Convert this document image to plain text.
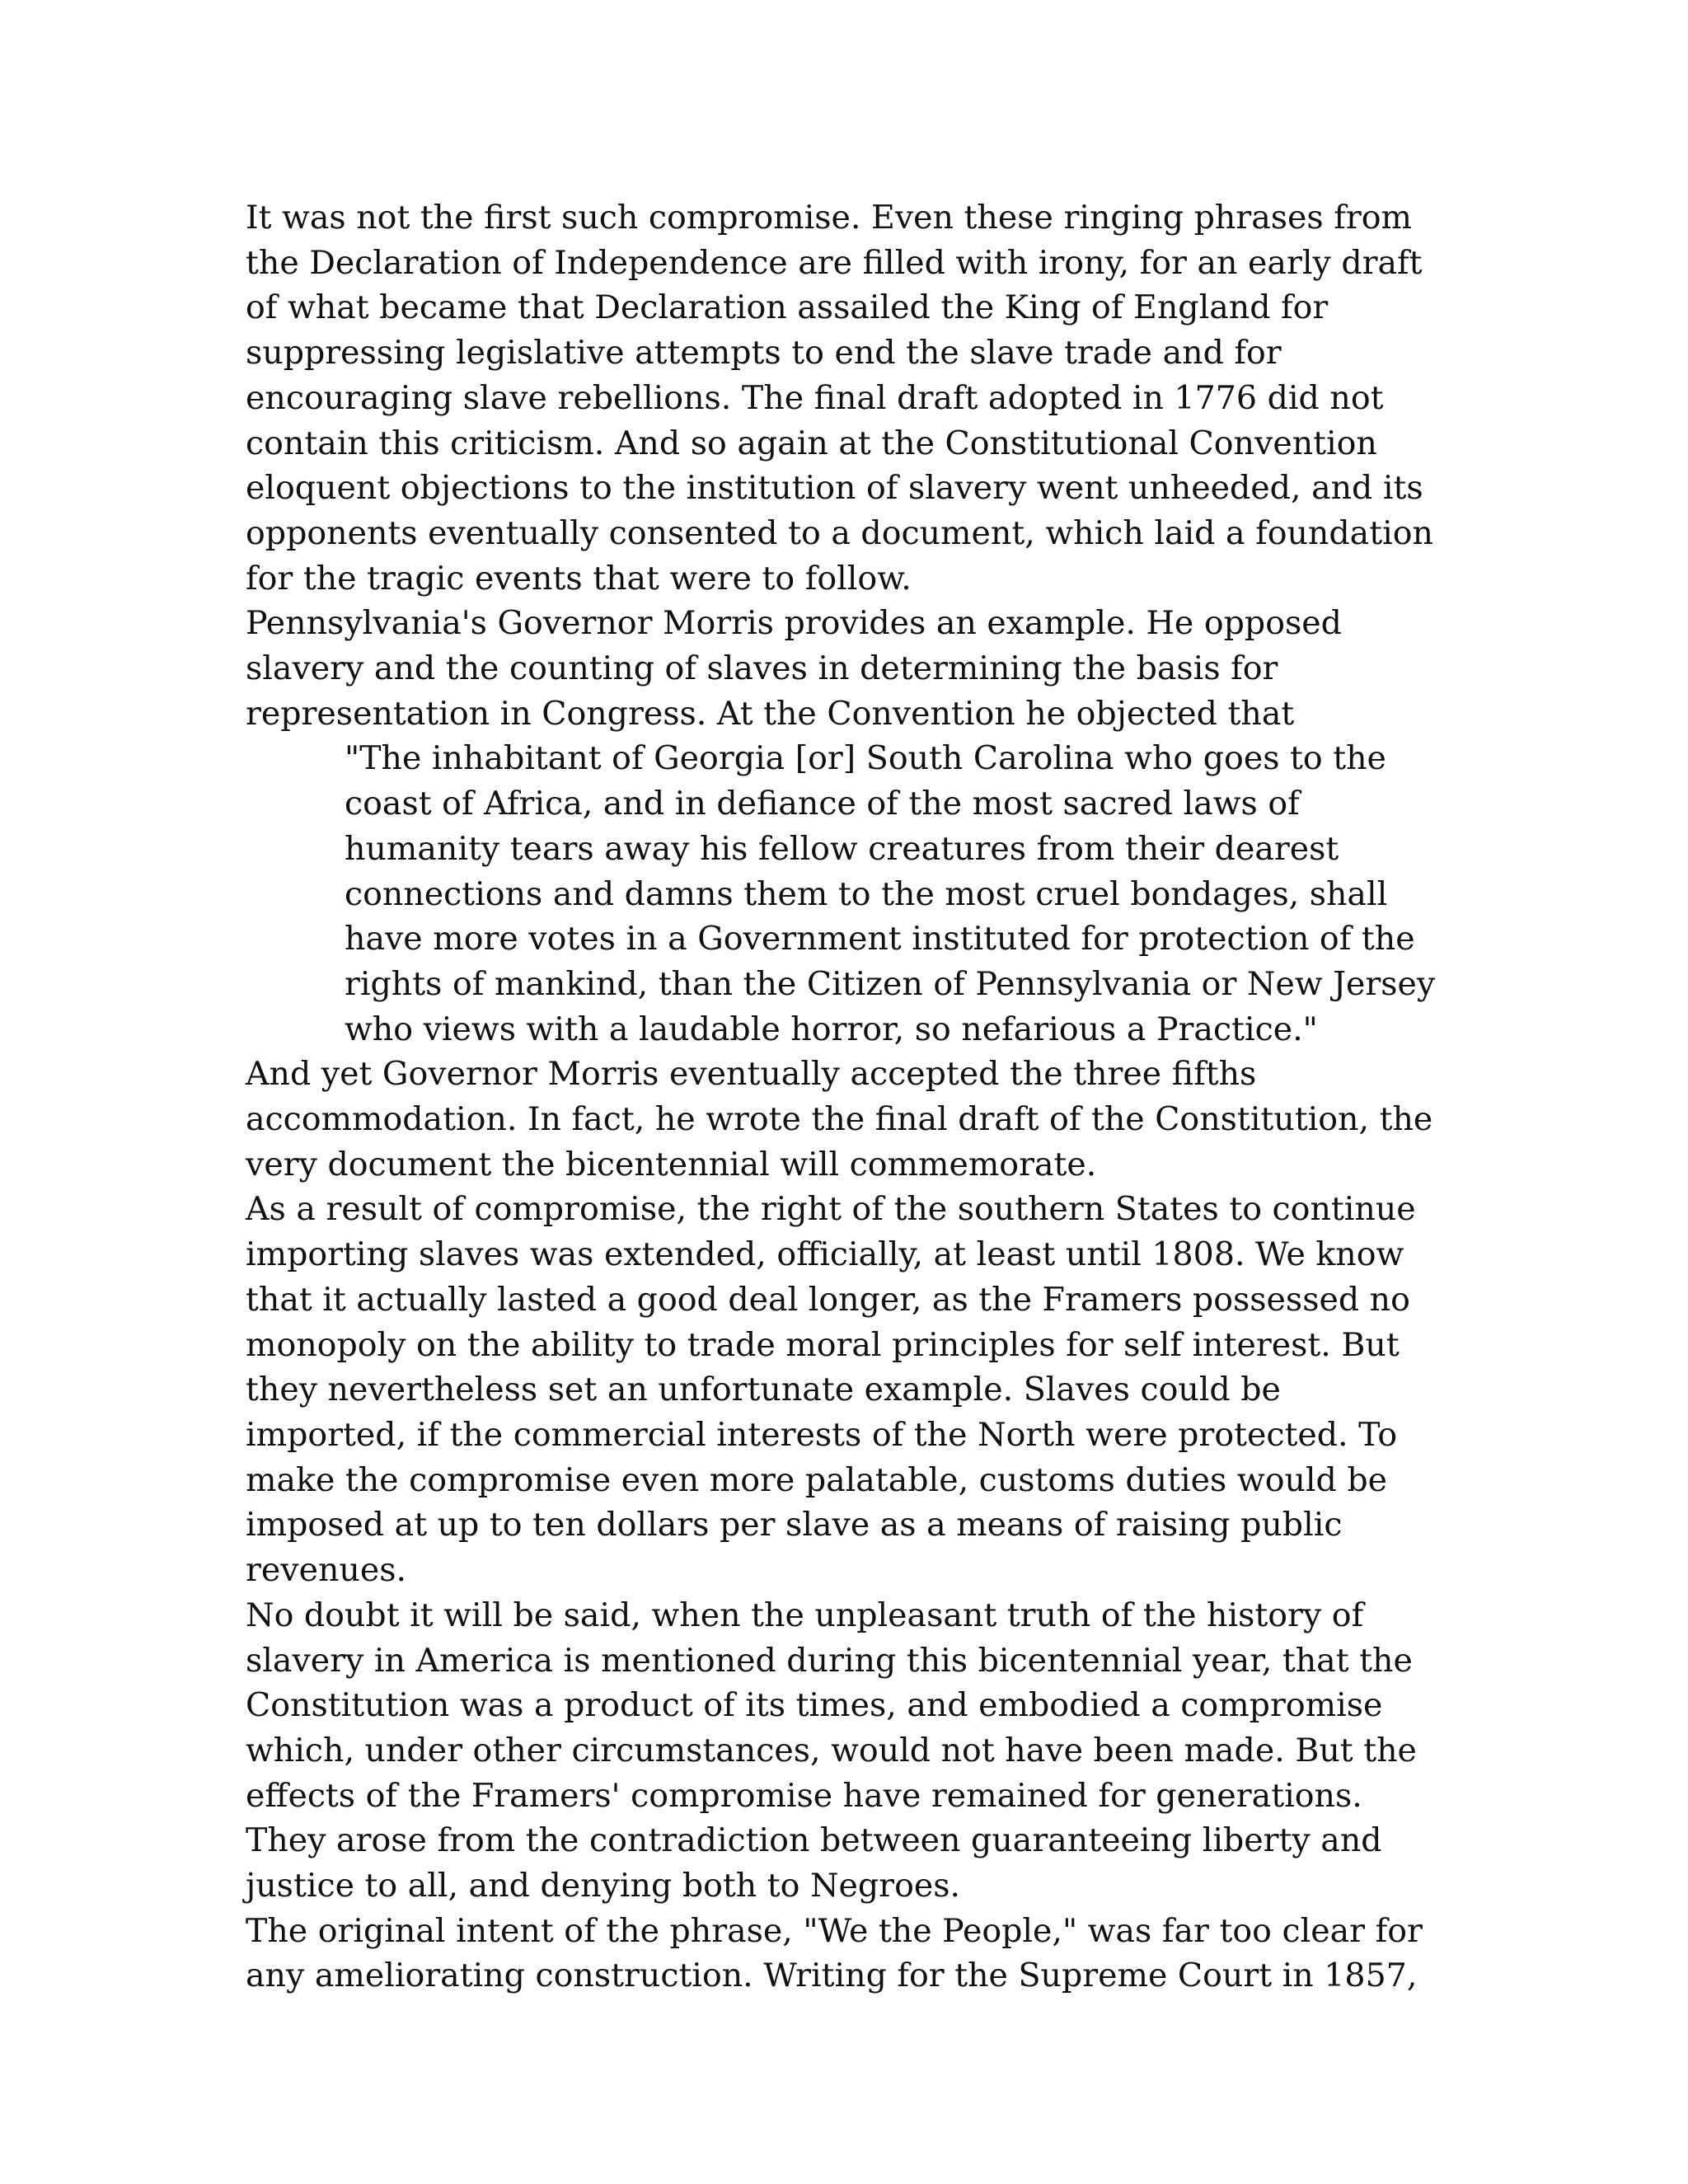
It was not the first such compromise. Even these ringing phrases from the Declaration of Independence are filled with irony, for an early draft of what became that Declaration assailed the King of England for suppressing legislative attempts to end the slave trade and for encouraging slave rebellions. The final draft adopted in 1776 did not contain this criticism. And so again at the Constitutional Convention eloquent objections to the institution of slavery went unheeded, and its opponents eventually consented to a document, which laid a foundation for the tragic events that were to follow.

Pennsylvania's Governor Morris provides an example. He opposed slavery and the counting of slaves in determining the basis for representation in Congress. At the Convention he objected that

"The inhabitant of Georgia [or] South Carolina who goes to the coast of Africa, and in defiance of the most sacred laws of humanity tears away his fellow creatures from their dearest connections and damns them to the most cruel bondages, shall have more votes in a Government instituted for protection of the rights of mankind, than the Citizen of Pennsylvania or New Jersey who views with a laudable horror, so nefarious a Practice."

And yet Governor Morris eventually accepted the three fifths accommodation. In fact, he wrote the final draft of the Constitution, the very document the bicentennial will commemorate.

As a result of compromise, the right of the southern States to continue importing slaves was extended, officially, at least until 1808. We know that it actually lasted a good deal longer, as the Framers possessed no monopoly on the ability to trade moral principles for self interest. But they nevertheless set an unfortunate example. Slaves could be imported, if the commercial interests of the North were protected. To make the compromise even more palatable, customs duties would be imposed at up to ten dollars per slave as a means of raising public revenues.

No doubt it will be said, when the unpleasant truth of the history of slavery in America is mentioned during this bicentennial year, that the Constitution was a product of its times, and embodied a compromise which, under other circumstances, would not have been made. But the effects of the Framers' compromise have remained for generations. They arose from the contradiction between guaranteeing liberty and justice to all, and denying both to Negroes.

The original intent of the phrase, "We the People," was far too clear for any ameliorating construction. Writing for the Supreme Court in 1857,
